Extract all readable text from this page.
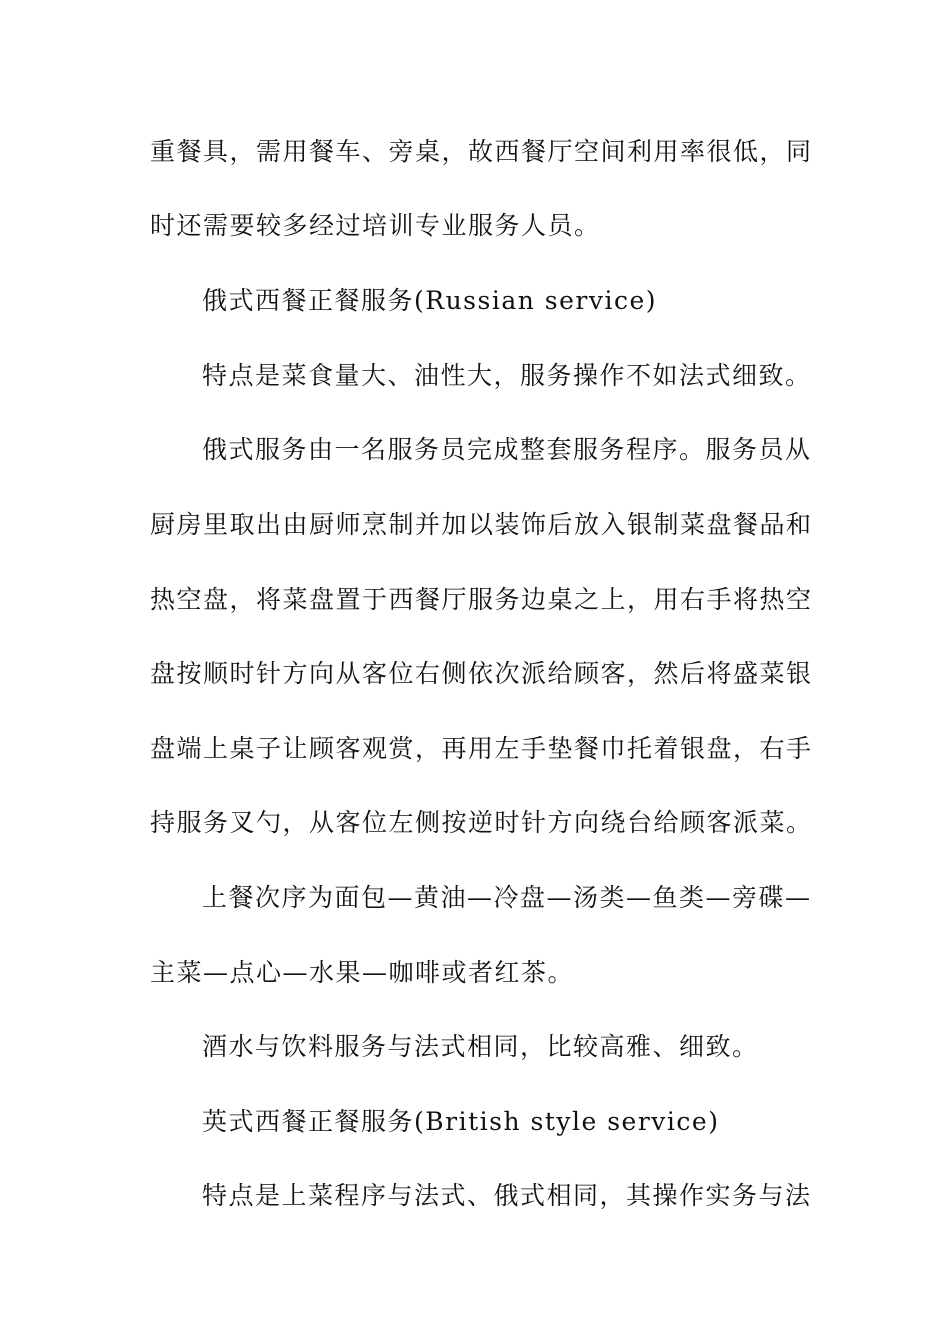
重餐具，需用餐车、旁桌，故西餐厅空间利用率很低，同
时还需要较多经过培训专业服务人员。
俄式西餐正餐服务(Russian service)
特点是菜食量大、油性大，服务操作不如法式细致。
俄式服务由一名服务员完成整套服务程序。服务员从
厨房里取出由厨师烹制并加以装饰后放入银制菜盘餐品和
热空盘，将菜盘置于西餐厅服务边桌之上，用右手将热空
盘按顺时针方向从客位右侧依次派给顾客，然后将盛菜银
盘端上桌子让顾客观赏，再用左手垫餐巾托着银盘，右手
持服务叉勺，从客位左侧按逆时针方向绕台给顾客派菜。
上餐次序为面包—黄油—冷盘—汤类—鱼类—旁碟—
主菜—点心—水果—咖啡或者红茶。
酒水与饮料服务与法式相同，比较高雅、细致。
英式西餐正餐服务(British style service)
特点是上菜程序与法式、俄式相同，其操作实务与法
